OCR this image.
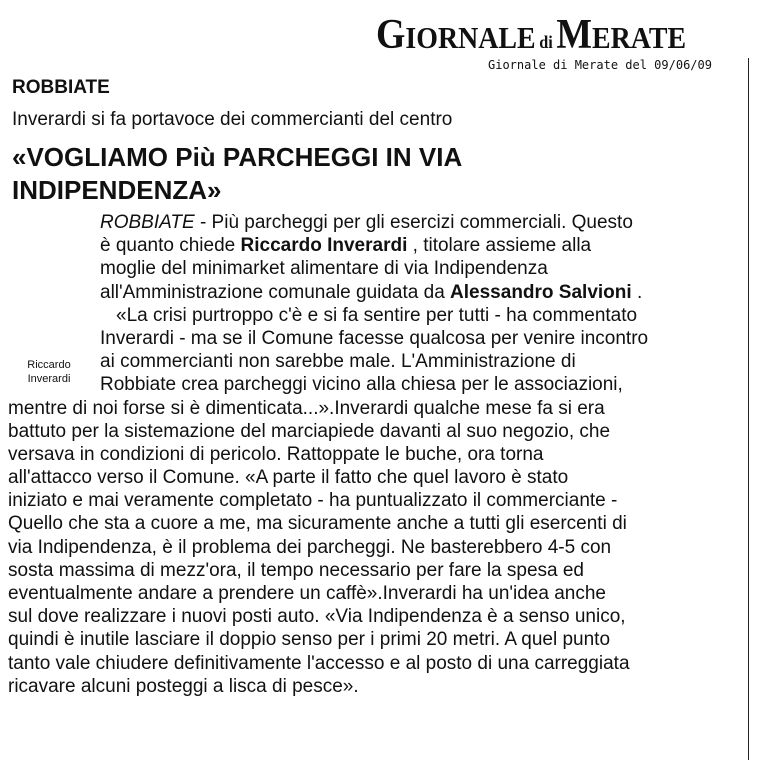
GIORNALE diMERATE
Giornale di Merate del 09/06/09
ROBBIATE
Inverardi si fa portavoce dei commercianti del centro
«VOGLIAMO Più PARCHEGGI IN VIA INDIPENDENZA»
Riccardo
Inverardi
ROBBIATE - Più parcheggi per gli esercizi commerciali. Questo
è quanto chiede Riccardo Inverardi , titolare assieme alla
moglie del minimarket alimentare di via Indipendenza
all'Amministrazione comunale guidata da Alessandro Salvioni .
«La crisi purtroppo c'è e si fa sentire per tutti - ha commentato
Inverardi - ma se il Comune facesse qualcosa per venire incontro
ai commercianti non sarebbe male. L'Amministrazione di
Robbiate crea parcheggi vicino alla chiesa per le associazioni,
mentre di noi forse si è dimenticata...».Inverardi qualche mese fa si era
battuto per la sistemazione del marciapiede davanti al suo negozio, che
versava in condizioni di pericolo. Rattoppate le buche, ora torna
all'attacco verso il Comune. «A parte il fatto che quel lavoro è stato
iniziato e mai veramente completato - ha puntualizzato il commerciante -
Quello che sta a cuore a me, ma sicuramente anche a tutti gli esercenti di
via Indipendenza, è il problema dei parcheggi. Ne basterebbero 4-5 con
sosta massima di mezz'ora, il tempo necessario per fare la spesa ed
eventualmente andare a prendere un caffè».Inverardi ha un'idea anche
sul dove realizzare i nuovi posti auto. «Via Indipendenza è a senso unico,
quindi è inutile lasciare il doppio senso per i primi 20 metri. A quel punto
tanto vale chiudere definitivamente l'accesso e al posto di una carreggiata
ricavare alcuni posteggi a lisca di pesce».
